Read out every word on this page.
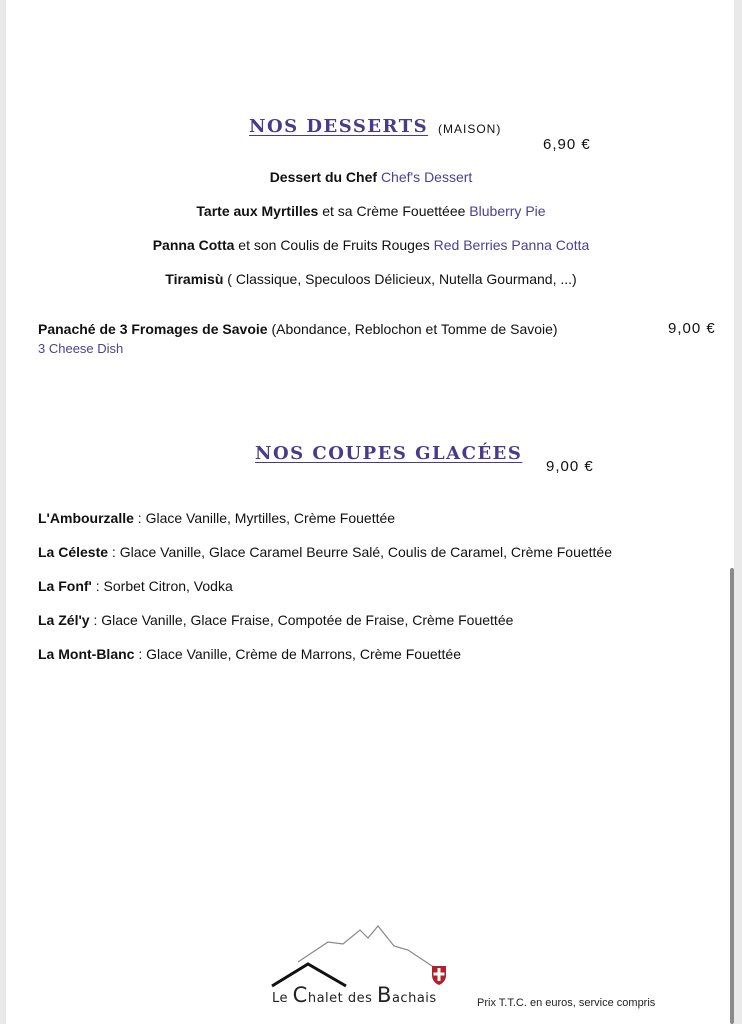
NOS DESSERTS (MAISON)
6,90 €
Dessert du Chef Chef's Dessert
Tarte aux Myrtilles et sa Crème Fouettéee Bluberry Pie
Panna Cotta et son Coulis de Fruits Rouges Red Berries Panna Cotta
Tiramisù ( Classique, Speculoos Délicieux, Nutella Gourmand, ...)
Panaché de 3 Fromages de Savoie (Abondance, Reblochon et Tomme de Savoie)	9,00 €
3 Cheese Dish
NOS COUPES GLACÉES
9,00 €
L'Ambourzalle : Glace Vanille, Myrtilles, Crème Fouettée
La Céleste : Glace Vanille, Glace Caramel Beurre Salé, Coulis de Caramel, Crème Fouettée
La Fonf' : Sorbet Citron, Vodka
La Zél'y : Glace Vanille, Glace Fraise, Compotée de Fraise, Crème Fouettée
La Mont-Blanc : Glace Vanille, Crème de Marrons, Crème Fouettée
Le Chalet des Bachais	Prix T.T.C. en euros, service compris
